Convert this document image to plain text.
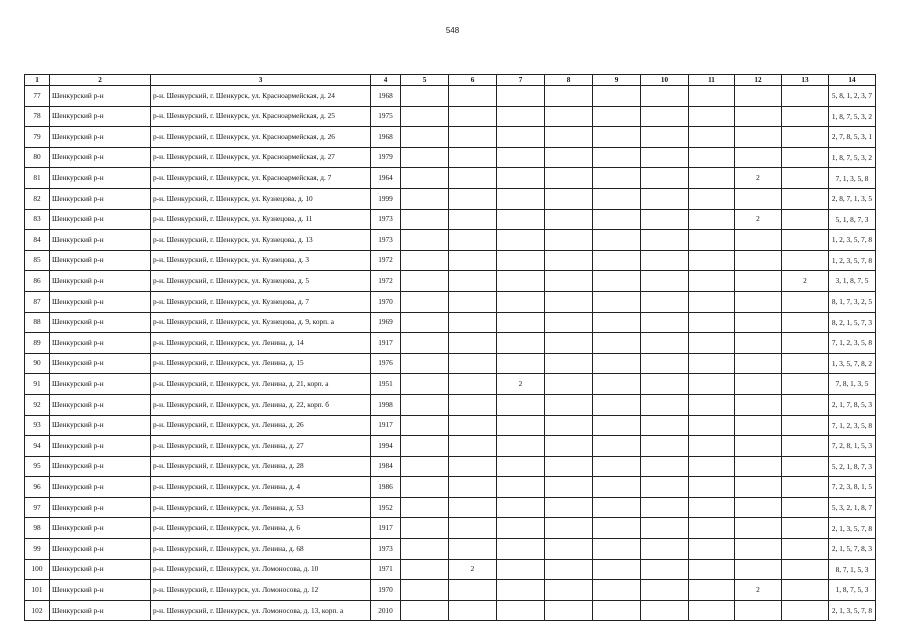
548
1	2	3	4	5	6	7	8	9	10	11	12	13	14
77	Шенкурский р-н	р-н. Шенкурский, г. Шенкурск, ул. Красноармейская, д. 24	1968										5, 8, 1, 2, 3, 7
78	Шенкурский р-н	р-н. Шенкурский, г. Шенкурск, ул. Красноармейская, д. 25	1975										1, 8, 7, 5, 3, 2
79	Шенкурский р-н	р-н. Шенкурский, г. Шенкурск, ул. Красноармейская, д. 26	1968										2, 7, 8, 5, 3, 1
80	Шенкурский р-н	р-н. Шенкурский, г. Шенкурск, ул. Красноармейская, д. 27	1979										1, 8, 7, 5, 3, 2
81	Шенкурский р-н	р-н. Шенкурский, г. Шенкурск, ул. Красноармейская, д. 7	1964								2		7, 1, 3, 5, 8
82	Шенкурский р-н	р-н. Шенкурский, г. Шенкурск, ул. Кузнецова, д. 10	1999										2, 8, 7, 1, 3, 5
83	Шенкурский р-н	р-н. Шенкурский, г. Шенкурск, ул. Кузнецова, д. 11	1973								2		5, 1, 8, 7, 3
84	Шенкурский р-н	р-н. Шенкурский, г. Шенкурск, ул. Кузнецова, д. 13	1973										1, 2, 3, 5, 7, 8
85	Шенкурский р-н	р-н. Шенкурский, г. Шенкурск, ул. Кузнецова, д. 3	1972										1, 2, 3, 5, 7, 8
86	Шенкурский р-н	р-н. Шенкурский, г. Шенкурск, ул. Кузнецова, д. 5	1972									2	3, 1, 8, 7, 5
87	Шенкурский р-н	р-н. Шенкурский, г. Шенкурск, ул. Кузнецова, д. 7	1970										8, 1, 7, 3, 2, 5
88	Шенкурский р-н	р-н. Шенкурский, г. Шенкурск, ул. Кузнецова, д. 9, корп. а	1969										8, 2, 1, 5, 7, 3
89	Шенкурский р-н	р-н. Шенкурский, г. Шенкурск, ул. Ленина, д. 14	1917										7, 1, 2, 3, 5, 8
90	Шенкурский р-н	р-н. Шенкурский, г. Шенкурск, ул. Ленина, д. 15	1976										1, 3, 5, 7, 8, 2
91	Шенкурский р-н	р-н. Шенкурский, г. Шенкурск, ул. Ленина, д. 21, корп. а	1951			2							7, 8, 1, 3, 5
92	Шенкурский р-н	р-н. Шенкурский, г. Шенкурск, ул. Ленина, д. 22, корп. б	1998										2, 1, 7, 8, 5, 3
93	Шенкурский р-н	р-н. Шенкурский, г. Шенкурск, ул. Ленина, д. 26	1917										7, 1, 2, 3, 5, 8
94	Шенкурский р-н	р-н. Шенкурский, г. Шенкурск, ул. Ленина, д. 27	1994										7, 2, 8, 1, 5, 3
95	Шенкурский р-н	р-н. Шенкурский, г. Шенкурск, ул. Ленина, д. 28	1984										5, 2, 1, 8, 7, 3
96	Шенкурский р-н	р-н. Шенкурский, г. Шенкурск, ул. Ленина, д. 4	1986										7, 2, 3, 8, 1, 5
97	Шенкурский р-н	р-н. Шенкурский, г. Шенкурск, ул. Ленина, д. 53	1952										5, 3, 2, 1, 8, 7
98	Шенкурский р-н	р-н. Шенкурский, г. Шенкурск, ул. Ленина, д. 6	1917										2, 1, 3, 5, 7, 8
99	Шенкурский р-н	р-н. Шенкурский, г. Шенкурск, ул. Ленина, д. 68	1973										2, 1, 5, 7, 8, 3
100	Шенкурский р-н	р-н. Шенкурский, г. Шенкурск, ул. Ломоносова, д. 10	1971		2								8, 7, 1, 5, 3
101	Шенкурский р-н	р-н. Шенкурский, г. Шенкурск, ул. Ломоносова, д. 12	1970								2		1, 8, 7, 5, 3
102	Шенкурский р-н	р-н. Шенкурский, г. Шенкурск, ул. Ломоносова, д. 13, корп. а	2010										2, 1, 3, 5, 7, 8
